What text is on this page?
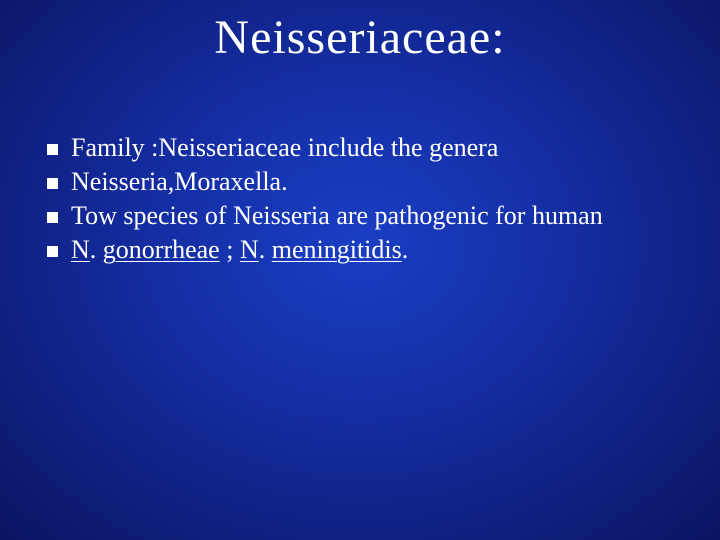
Neisseriaceae:
Family :Neisseriaceae include the genera
Neisseria,Moraxella.
Tow species of Neisseria are pathogenic for human
N. gonorrheae ; N. meningitidis.
